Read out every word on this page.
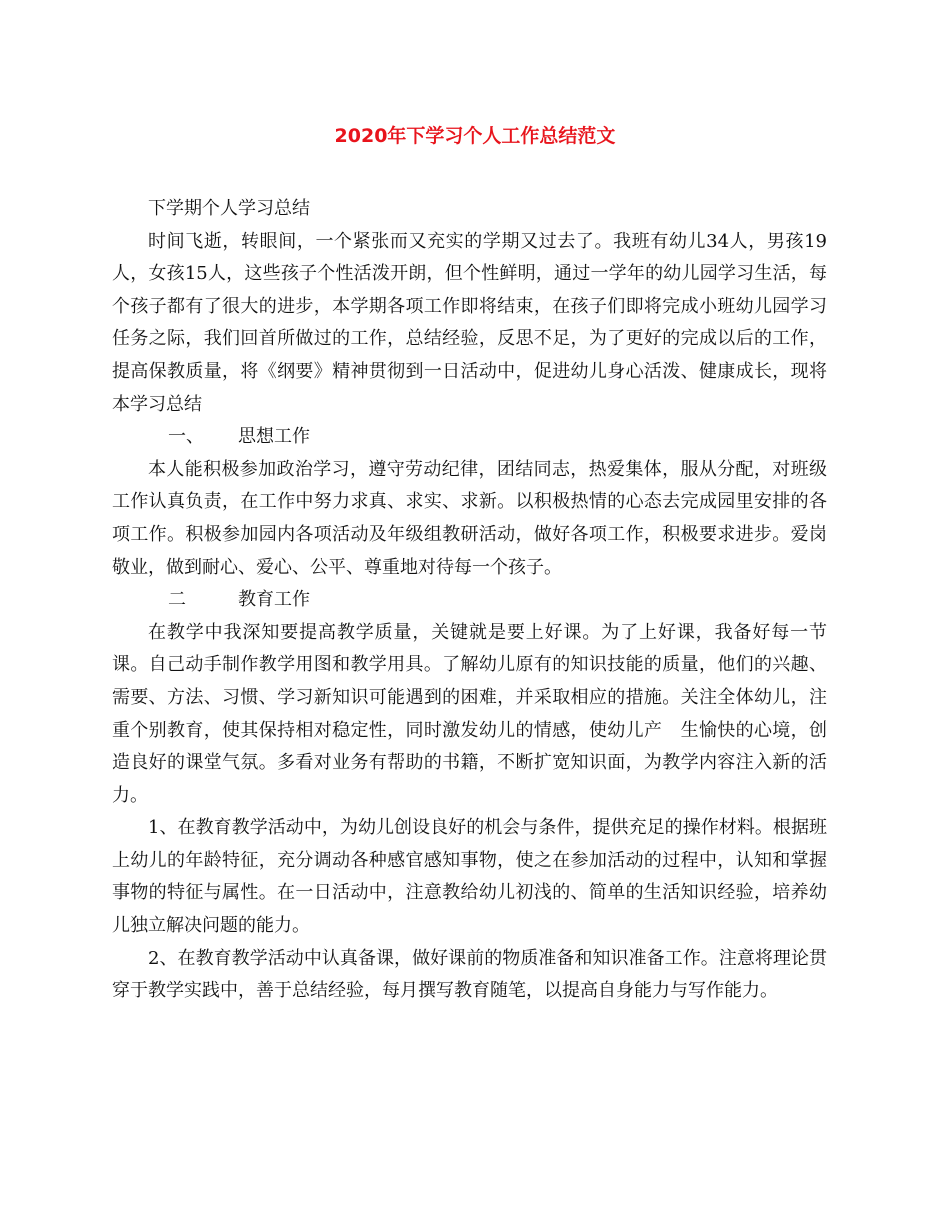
2020年下学习个人工作总结范文

下学期个人学习总结

时间飞逝，转眼间，一个紧张而又充实的学期又过去了。我班有幼儿34人，男孩19人，女孩15人，这些孩子个性活泼开朗，但个性鲜明，通过一学年的幼儿园学习生活，每个孩子都有了很大的进步，本学期各项工作即将结束，在孩子们即将完成小班幼儿园学习任务之际，我们回首所做过的工作，总结经验，反思不足，为了更好的完成以后的工作，提高保教质量，将《纲要》精神贯彻到一日活动中，促进幼儿身心活泼、健康成长，现将本学习总结

一、 思想工作

本人能积极参加政治学习，遵守劳动纪律，团结同志，热爱集体，服从分配，对班级工作认真负责，在工作中努力求真、求实、求新。以积极热情的心态去完成园里安排的各项工作。积极参加园内各项活动及年级组教研活动，做好各项工作，积极要求进步。爱岗敬业，做到耐心、爱心、公平、尊重地对待每一个孩子。

二	教育工作

在教学中我深知要提高教学质量，关键就是要上好课。为了上好课，我备好每一节课。自己动手制作教学用图和教学用具。了解幼儿原有的知识技能的质量，他们的兴趣、需要、方法、习惯、学习新知识可能遇到的困难，并采取相应的措施。关注全体幼儿，注重个别教育，使其保持相对稳定性，同时激发幼儿的情感，使幼儿产　生愉快的心境，创造良好的课堂气氛。多看对业务有帮助的书籍，不断扩宽知识面，为教学内容注入新的活力。

1、在教育教学活动中，为幼儿创设良好的机会与条件，提供充足的操作材料。根据班上幼儿的年龄特征，充分调动各种感官感知事物，使之在参加活动的过程中，认知和掌握事物的特征与属性。在一日活动中，注意教给幼儿初浅的、简单的生活知识经验，培养幼儿独立解决问题的能力。

2、在教育教学活动中认真备课，做好课前的物质准备和知识准备工作。注意将理论贯穿于教学实践中，善于总结经验，每月撰写教育随笔，以提高自身能力与写作能力。
